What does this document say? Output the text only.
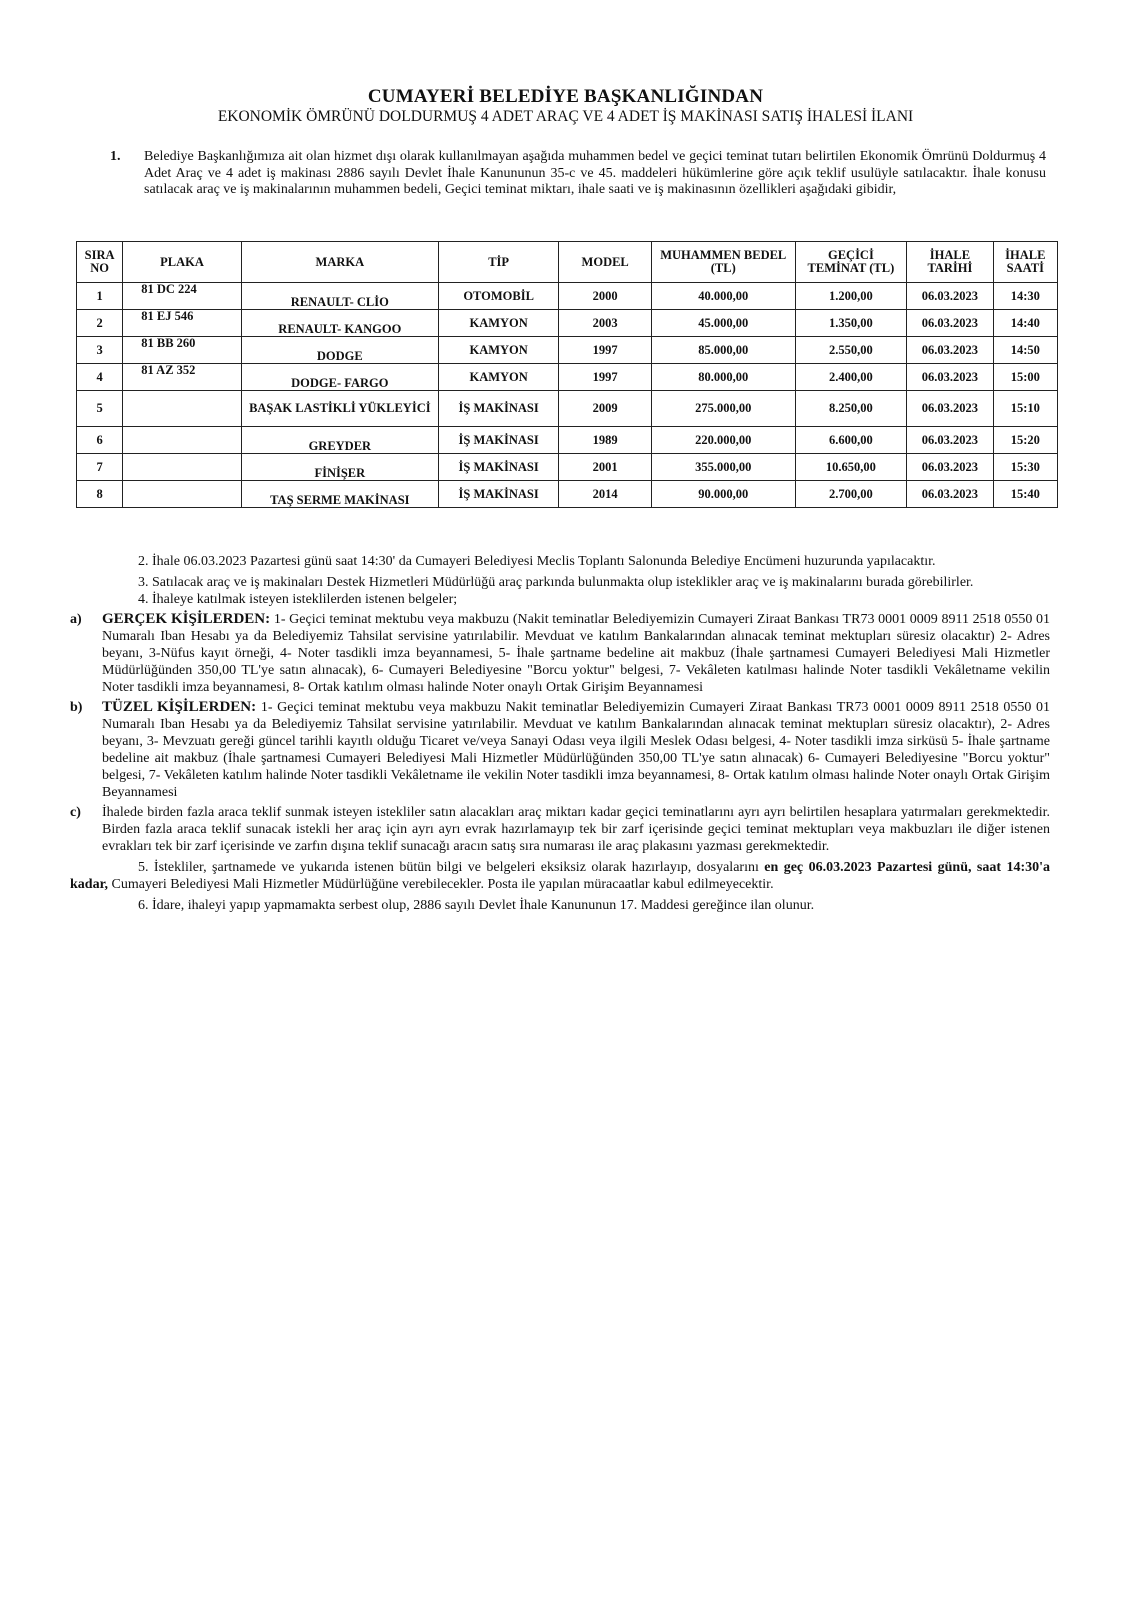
CUMAYERİ BELEDİYE BAŞKANLIĞINDAN
EKONOMİK ÖMRÜNÜ DOLDURMUŞ 4 ADET ARAÇ VE 4 ADET İŞ MAKİNASI SATIŞ İHALESİ İLANI
1. Belediye Başkanlığımıza ait olan hizmet dışı olarak kullanılmayan aşağıda muhammen bedel ve geçici teminat tutarı belirtilen Ekonomik Ömrünü Doldurmuş 4 Adet Araç ve 4 adet iş makinası 2886 sayılı Devlet İhale Kanununun 35-c ve 45. maddeleri hükümlerine göre açık teklif usulüyle satılacaktır. İhale konusu satılacak araç ve iş makinalarının muhammen bedeli, Geçici teminat miktarı, ihale saati ve iş makinasının özellikleri aşağıdaki gibidir,
SIRA NO	PLAKA	MARKA	TİP	MODEL	MUHAMMEN BEDEL (TL)	GEÇİCİ TEMİNAT (TL)	İHALE TARİHİ	İHALE SAATİ
1	81 DC 224	RENAULT- CLİO	OTOMOBİL	2000	40.000,00	1.200,00	06.03.2023	14:30
2	81 EJ 546	RENAULT- KANGOO	KAMYON	2003	45.000,00	1.350,00	06.03.2023	14:40
3	81 BB 260	DODGE	KAMYON	1997	85.000,00	2.550,00	06.03.2023	14:50
4	81 AZ 352	DODGE- FARGO	KAMYON	1997	80.000,00	2.400,00	06.03.2023	15:00
5		BAŞAK LASTİKLİ YÜKLEYİCİ	İŞ MAKİNASI	2009	275.000,00	8.250,00	06.03.2023	15:10
6		GREYDER	İŞ MAKİNASI	1989	220.000,00	6.600,00	06.03.2023	15:20
7		FİNİŞER	İŞ MAKİNASI	2001	355.000,00	10.650,00	06.03.2023	15:30
8		TAŞ SERME MAKİNASI	İŞ MAKİNASI	2014	90.000,00	2.700,00	06.03.2023	15:40

2. İhale 06.03.2023 Pazartesi günü saat 14:30' da Cumayeri Belediyesi Meclis Toplantı Salonunda Belediye Encümeni huzurunda yapılacaktır.

3. Satılacak araç ve iş makinaları Destek Hizmetleri Müdürlüğü araç parkında bulunmakta olup isteklikler araç ve iş makinalarını burada görebilirler.

4. İhaleye katılmak isteyen isteklilerden istenen belgeler;

a) GERÇEK KİŞİLERDEN: 1- Geçici teminat mektubu veya makbuzu (Nakit teminatlar Belediyemizin Cumayeri Ziraat Bankası TR73 0001 0009 8911 2518 0550 01 Numaralı Iban Hesabı ya da Belediyemiz Tahsilat servisine yatırılabilir. Mevduat ve katılım Bankalarından alınacak teminat mektupları süresiz olacaktır) 2- Adres beyanı, 3-Nüfus kayıt örneği, 4- Noter tasdikli imza beyannamesi, 5- İhale şartname bedeline ait makbuz (İhale şartnamesi Cumayeri Belediyesi Mali Hizmetler Müdürlüğünden 350,00 TL'ye satın alınacak), 6- Cumayeri Belediyesine "Borcu yoktur" belgesi, 7- Vekâleten katılması halinde Noter tasdikli Vekâletname vekilin Noter tasdikli imza beyannamesi, 8- Ortak katılım olması halinde Noter onaylı Ortak Girişim Beyannamesi
b) TÜZEL KİŞİLERDEN: 1- Geçici teminat mektubu veya makbuzu Nakit teminatlar Belediyemizin Cumayeri Ziraat Bankası TR73 0001 0009 8911 2518 0550 01 Numaralı Iban Hesabı ya da Belediyemiz Tahsilat servisine yatırılabilir. Mevduat ve katılım Bankalarından alınacak teminat mektupları süresiz olacaktır), 2- Adres beyanı, 3- Mevzuatı gereği güncel tarihli kayıtlı olduğu Ticaret ve/veya Sanayi Odası veya ilgili Meslek Odası belgesi, 4- Noter tasdikli imza sirküsü 5- İhale şartname bedeline ait makbuz (İhale şartnamesi Cumayeri Belediyesi Mali Hizmetler Müdürlüğünden 350,00 TL'ye satın alınacak) 6- Cumayeri Belediyesine "Borcu yoktur" belgesi, 7- Vekâleten katılım halinde Noter tasdikli Vekâletname ile vekilin Noter tasdikli imza beyannamesi, 8- Ortak katılım olması halinde Noter onaylı Ortak Girişim Beyannamesi
c) İhalede birden fazla araca teklif sunmak isteyen istekliler satın alacakları araç miktarı kadar geçici teminatlarını ayrı ayrı belirtilen hesaplara yatırmaları gerekmektedir. Birden fazla araca teklif sunacak istekli her araç için ayrı ayrı evrak hazırlamayıp tek bir zarf içerisinde geçici teminat mektupları veya makbuzları ile diğer istenen evrakları tek bir zarf içerisinde ve zarfın dışına teklif sunacağı aracın satış sıra numarası ile araç plakasını yazması gerekmektedir.

5. İstekliler, şartnamede ve yukarıda istenen bütün bilgi ve belgeleri eksiksiz olarak hazırlayıp, dosyalarını en geç 06.03.2023 Pazartesi günü, saat 14:30'a kadar, Cumayeri Belediyesi Mali Hizmetler Müdürlüğüne verebilecekler. Posta ile yapılan müracaatlar kabul edilmeyecektir.

6. İdare, ihaleyi yapıp yapmamakta serbest olup, 2886 sayılı Devlet İhale Kanununun 17. Maddesi gereğince ilan olunur.
